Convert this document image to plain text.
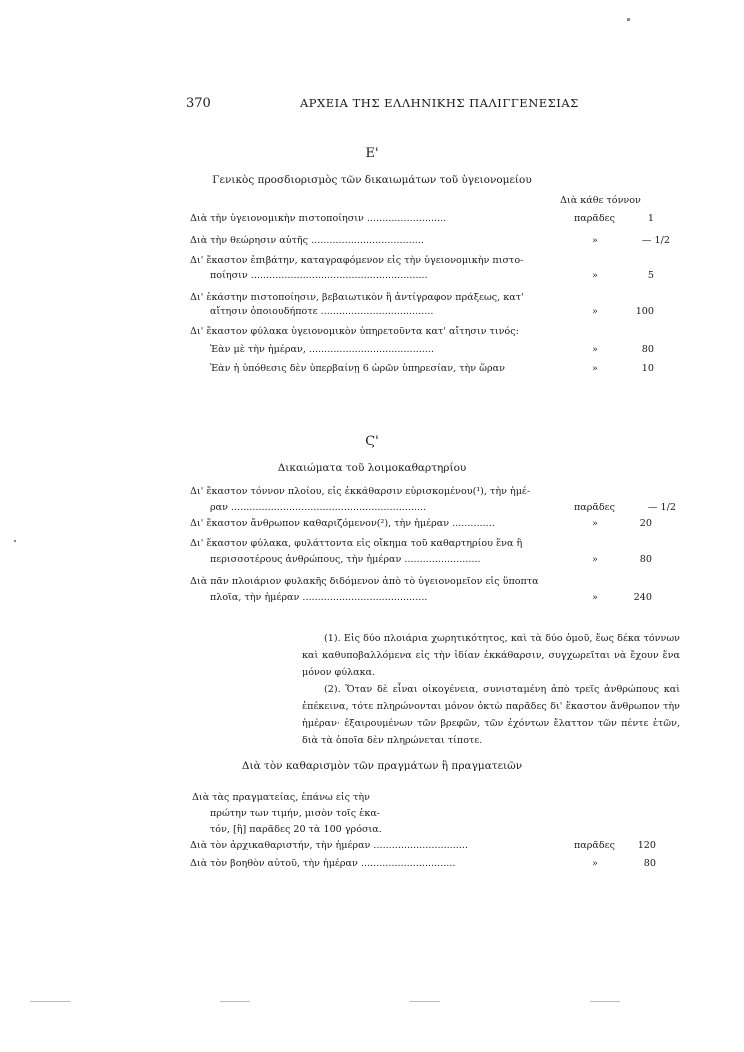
370	ΑΡΧΕΙΑ ΤΗΣ ΕΛΛΗΝΙΚΗΣ ΠΑΛΙΓΓΕΝΕΣΙΑΣ
Ε'
Γενικὸς προσδιορισμὸς τῶν δικαιωμάτων τοῦ ὑγειονομείου
Διὰ κάθε τόννον
Διὰ τὴν ὑγειονομικὴν πιστοποίησιν ..........................	παρᾶδες	1
Διὰ τὴν θεώρησιν αὐτῆς .....................................	»	— 1/2
Δι' ἕκαστον ἐπιβάτην, καταγραφόμενον εἰς τὴν ὑγειονομικὴν πιστο-
ποίησιν ..........................................................	»	5
Δι' ἑκάστην πιστοποίησιν, βεβαιωτικὸν ἢ ἀντίγραφον πράξεως, κατ'
αἴτησιν ὁποιουδήποτε .....................................	»	100
Δι' ἕκαστον φύλακα ὑγειονομικὸν ὑπηρετοῦντα κατ' αἴτησιν τινός:
Ἐὰν μὲ τὴν ἡμέραν, .........................................	»	80
Ἐὰν ἡ ὑπόθεσις δὲν ὑπερβαίνῃ 6 ὡρῶν ὑπηρεσίαν, τὴν ὥραν	»	10
Ϛ'
Δικαιώματα τοῦ λοιμοκαθαρτηρίου
Δι' ἕκαστον τόννον πλοίου, εἰς ἐκκάθαρσιν εὑρισκομένου(¹), τὴν ἡμέ-
ραν ................................................................	παρᾶδες	— 1/2
Δι' ἕκαστον ἄνθρωπον καθαριζόμενον(²), τὴν ἡμέραν ..............	»	20
Δι' ἕκαστον φύλακα, φυλάττοντα εἰς οἴκημα τοῦ καθαρτηρίου ἕνα ἢ
περισσοτέρους ἀνθρώπους, τὴν ἡμέραν .........................	»	80
Διὰ πᾶν πλοιάριον φυλακῆς διδόμενον ἀπὸ τὸ ὑγειονομεῖον εἰς ὕποπτα
πλοῖα, τὴν ἡμέραν .........................................	»	240

(1). Εἰς δύο πλοιάρια χωρητικότητος, καὶ τὰ δύο ὁμοῦ, ἕως δέκα τόννων καὶ καθυποβαλλόμενα εἰς τὴν ἰδίαν ἐκκάθαρσιν, συγχωρεῖται νὰ ἔχουν ἕνα μόνον φύλακα.

(2). Ὅταν δὲ εἶναι οἰκογένεια, συνισταμένη ἀπὸ τρεῖς ἀνθρώπους καὶ ἐπέκεινα, τότε πληρώνονται μόνον ὀκτὼ παρᾶδες δι' ἕκαστον ἄνθρωπον τὴν ἡμέραν· ἐξαιρουμένων τῶν βρεφῶν, τῶν ἐχόντων ἔλαττον τῶν πέντε ἐτῶν, διὰ τὰ ὁποῖα δὲν πληρώνεται τίποτε.

Διὰ τὸν καθαρισμὸν τῶν πραγμάτων ἢ πραγματειῶν
Διὰ τὰς πραγματείας, ἐπάνω εἰς τὴν
πρώτην των τιμήν, μισὸν τοῖς ἑκα-
τόν, [ἢ] παρᾶδες 20 τὰ 100 γρόσια.
Διὰ τὸν ἀρχικαθαριστήν, τὴν ἡμέραν ...............................	παρᾶδες	120
Διὰ τὸν βοηθὸν αὐτοῦ, τὴν ἡμέραν ...............................	»	80
